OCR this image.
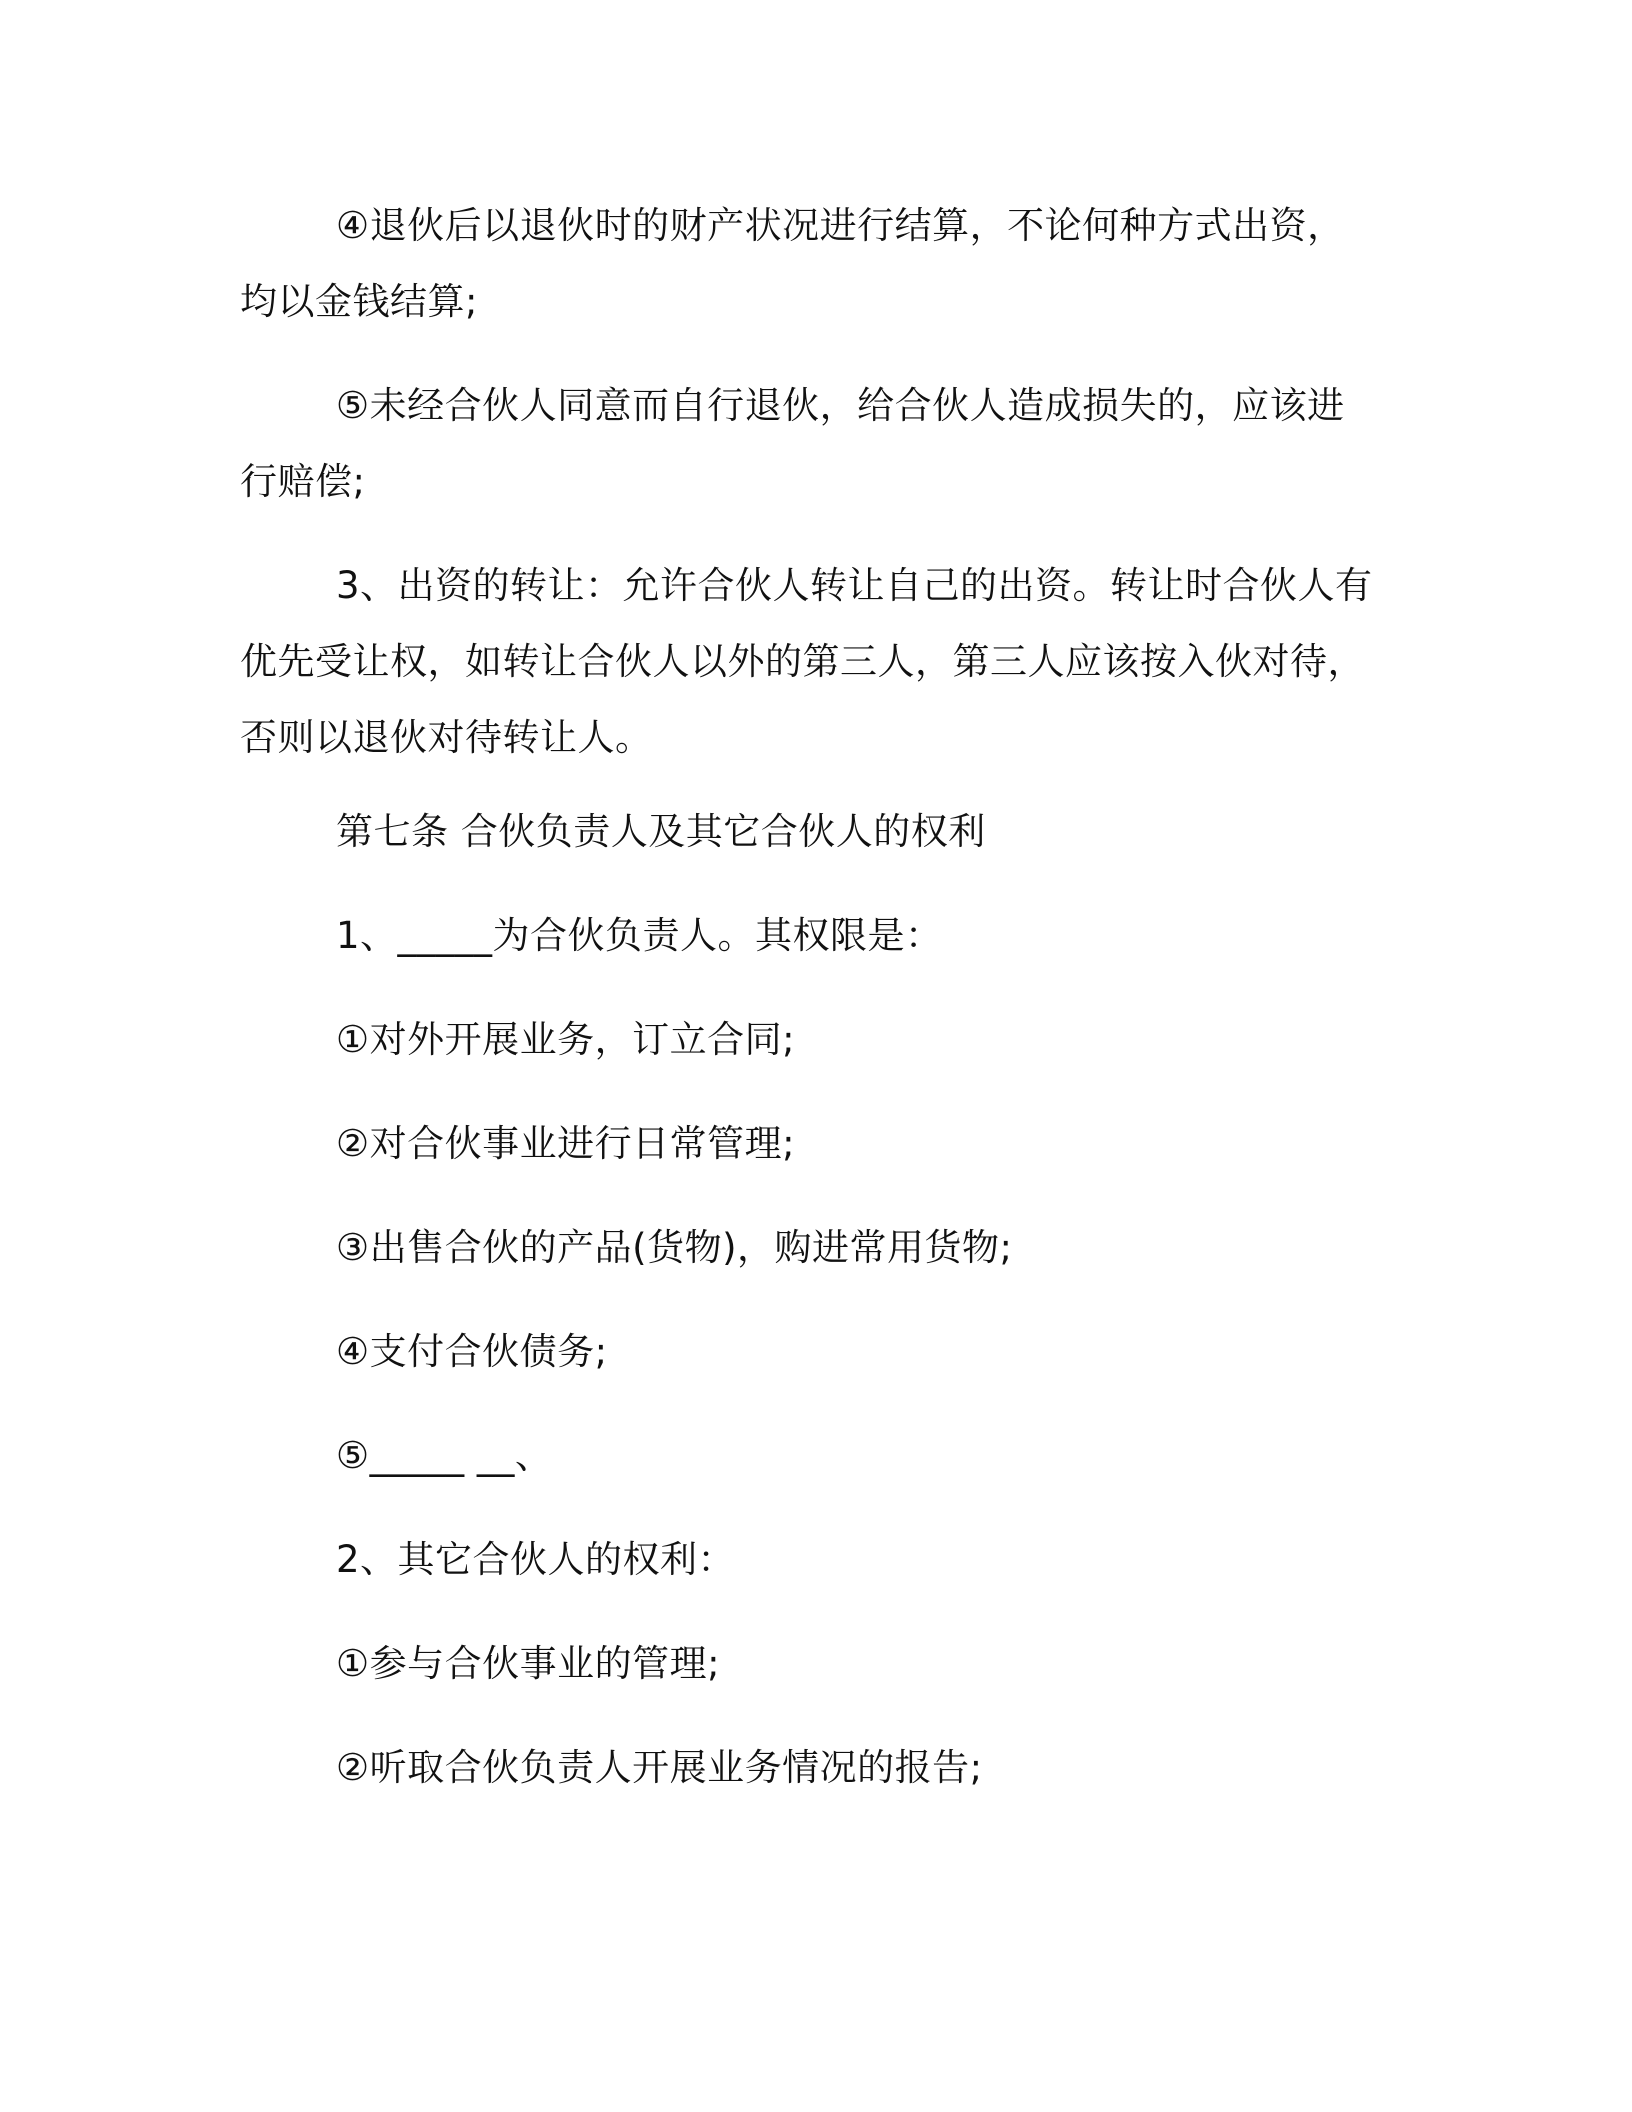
④退伙后以退伙时的财产状况进行结算，不论何种方式出资，均以金钱结算;

⑤未经合伙人同意而自行退伙，给合伙人造成损失的，应该进行赔偿;

3、出资的转让：允许合伙人转让自己的出资。转让时合伙人有优先受让权，如转让合伙人以外的第三人，第三人应该按入伙对待，否则以退伙对待转让人。

第七条 合伙负责人及其它合伙人的权利
1、_____为合伙负责人。其权限是：
①对外开展业务，订立合同;
②对合伙事业进行日常管理;
③出售合伙的产品(货物)，购进常用货物;
④支付合伙债务;
⑤_____ __、
2、其它合伙人的权利：
①参与合伙事业的管理;
②听取合伙负责人开展业务情况的报告;
